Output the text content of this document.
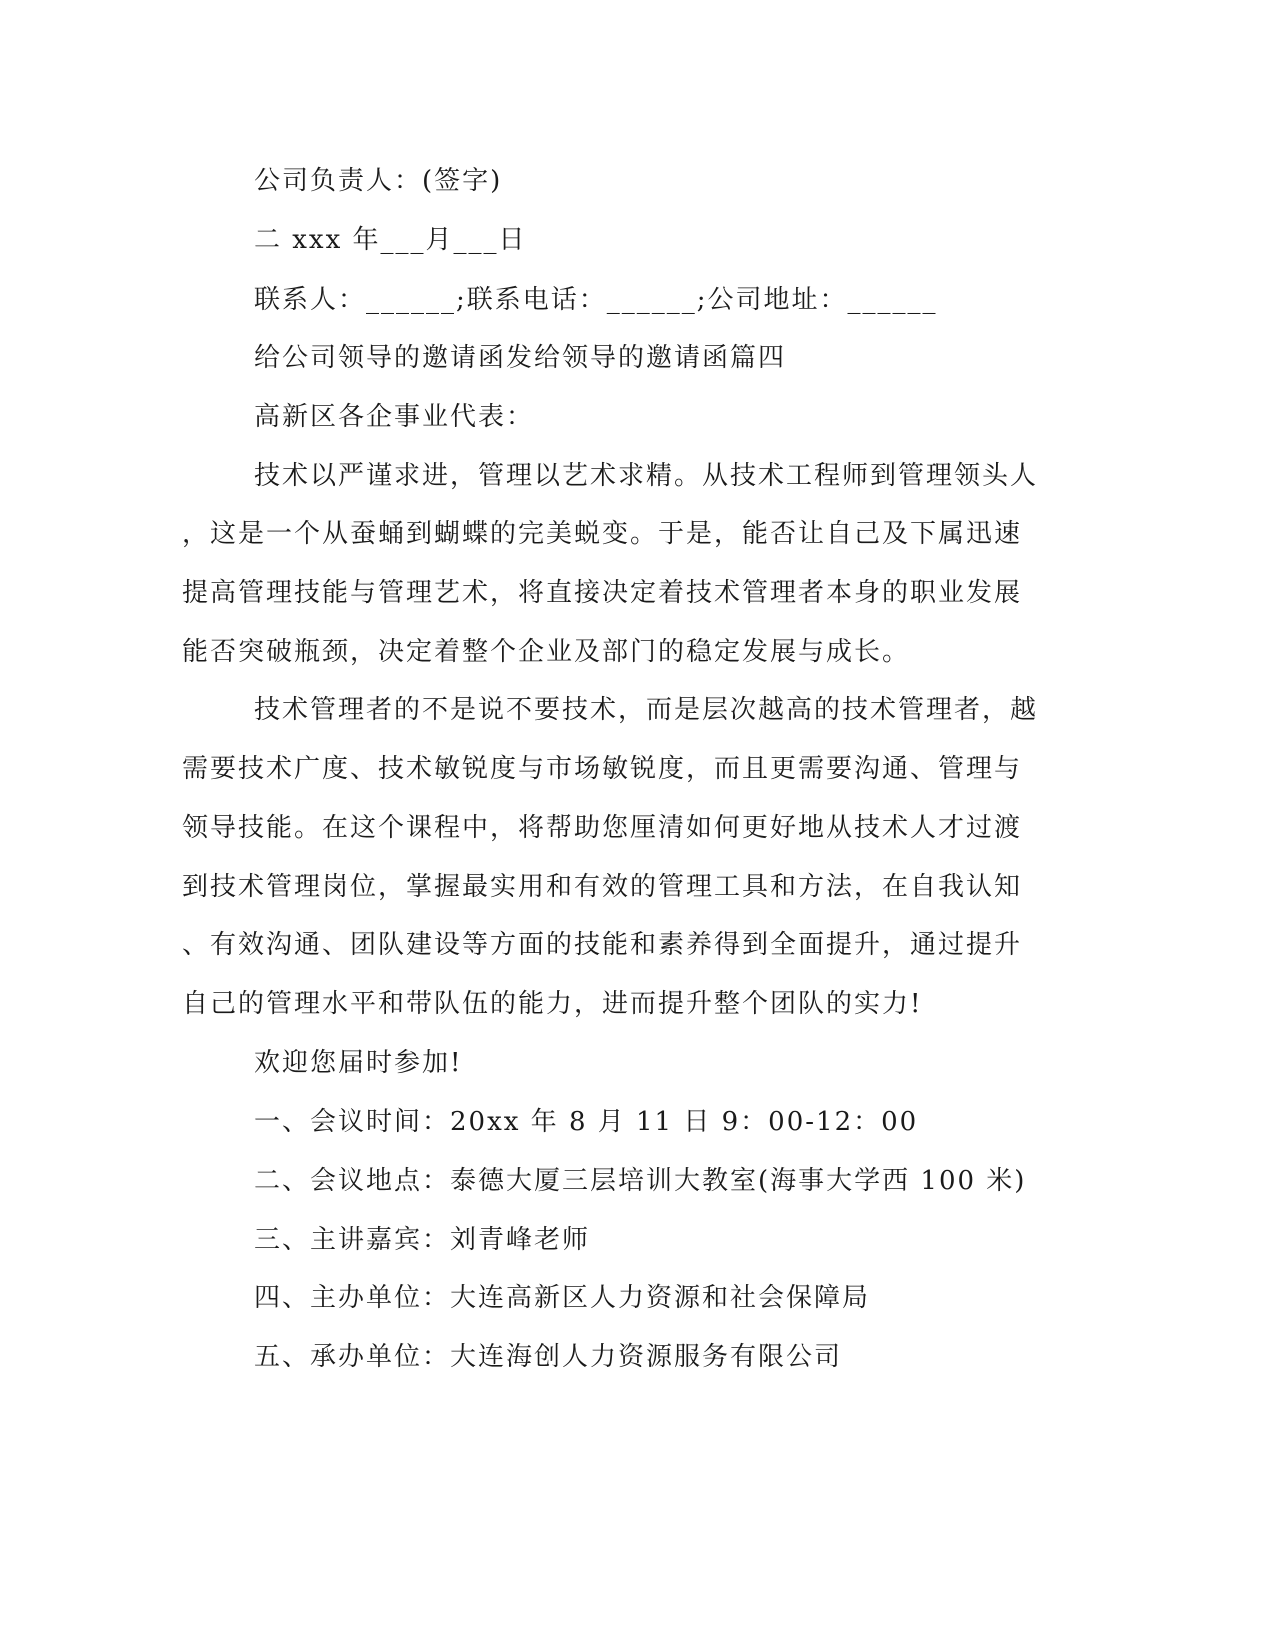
公司负责人：(签字)
二 xxx 年___月___日
联系人：______;联系电话：______;公司地址：______
给公司领导的邀请函发给领导的邀请函篇四
高新区各企事业代表：
技术以严谨求进，管理以艺术求精。从技术工程师到管理领头人
，这是一个从蚕蛹到蝴蝶的完美蜕变。于是，能否让自己及下属迅速
提高管理技能与管理艺术，将直接决定着技术管理者本身的职业发展
能否突破瓶颈，决定着整个企业及部门的稳定发展与成长。
技术管理者的不是说不要技术，而是层次越高的技术管理者，越
需要技术广度、技术敏锐度与市场敏锐度，而且更需要沟通、管理与
领导技能。在这个课程中，将帮助您厘清如何更好地从技术人才过渡
到技术管理岗位，掌握最实用和有效的管理工具和方法，在自我认知
、有效沟通、团队建设等方面的技能和素养得到全面提升，通过提升
自己的管理水平和带队伍的能力，进而提升整个团队的实力!
欢迎您届时参加!
一、会议时间：20xx 年 8 月 11 日 9：00-12：00
二、会议地点：泰德大厦三层培训大教室(海事大学西 100 米)
三、主讲嘉宾：刘青峰老师
四、主办单位：大连高新区人力资源和社会保障局
五、承办单位：大连海创人力资源服务有限公司
